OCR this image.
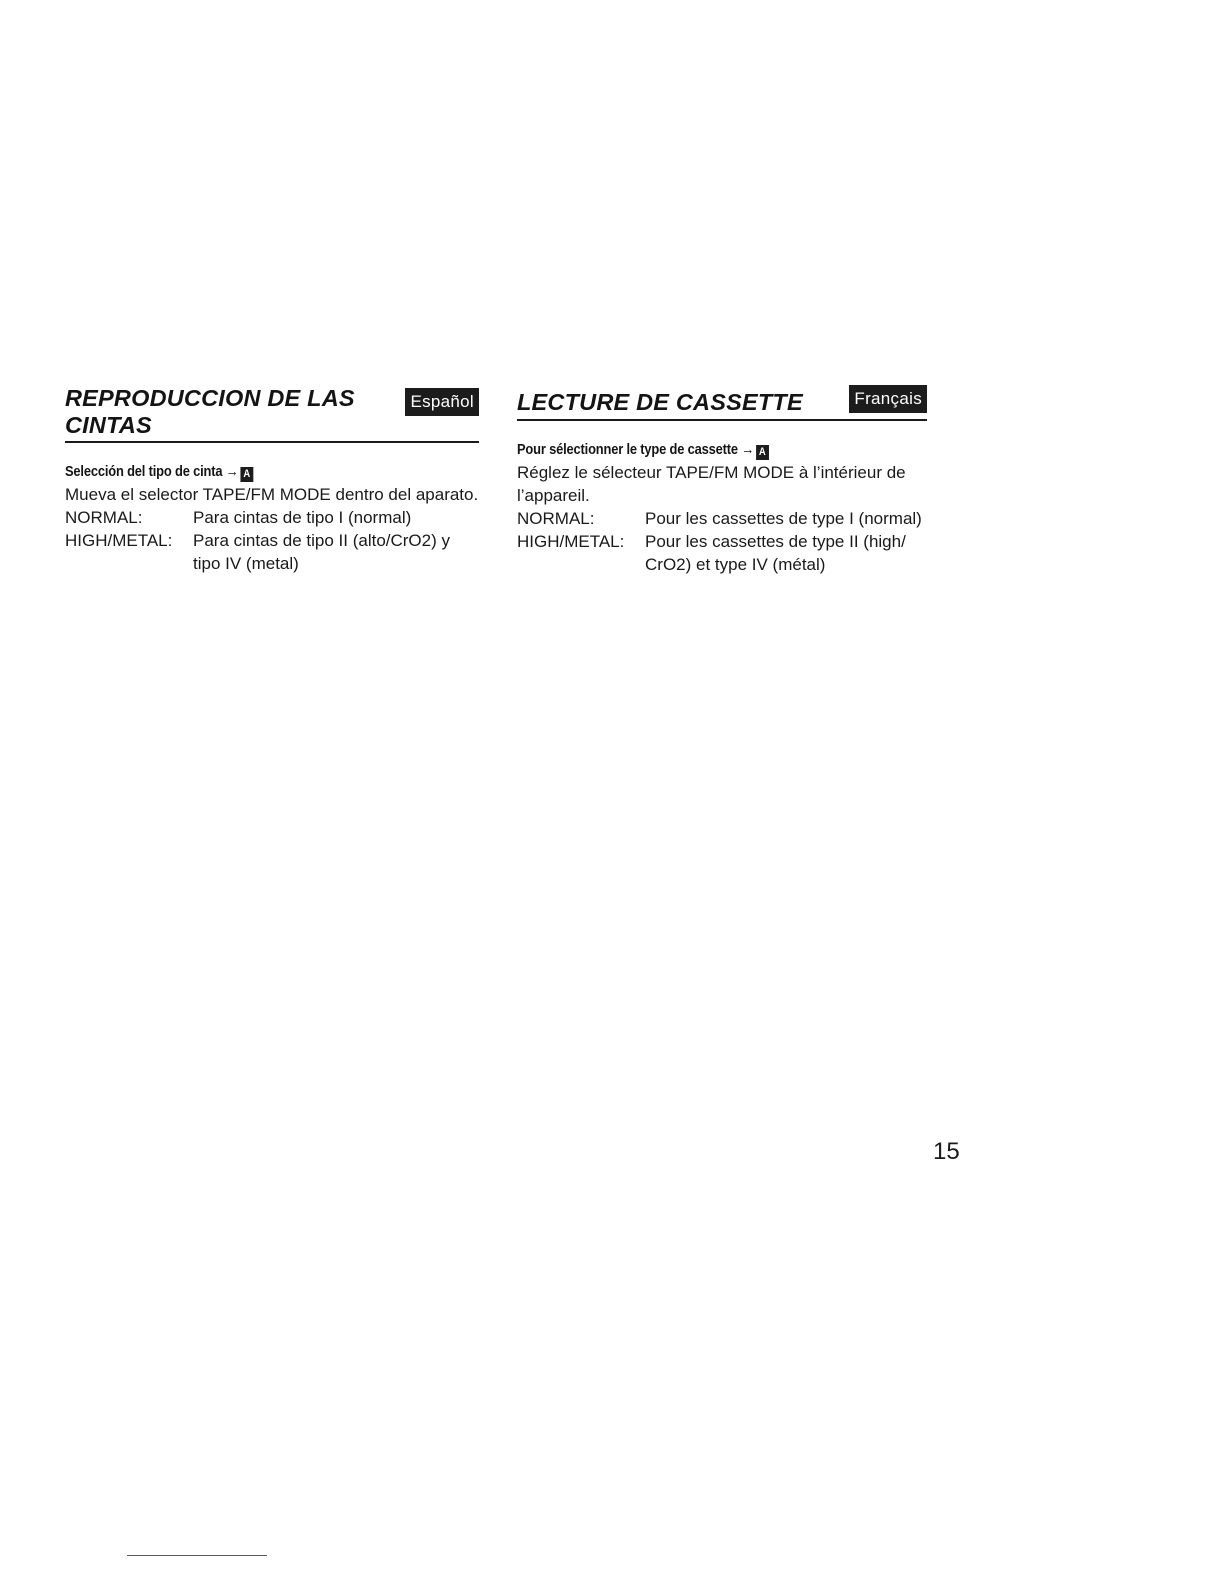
REPRODUCCION DE LAS CINTAS
Español
Selección del tipo de cinta → A

Mueva el selector TAPE/FM MODE dentro del aparato.

NORMAL:	Para cintas de tipo I (normal)
HIGH/METAL:	Para cintas de tipo II (alto/CrO2) y tipo IV (metal)
LECTURE DE CASSETTE	Français
Pour sélectionner le type de cassette → A

Réglez le sélecteur TAPE/FM MODE à l’intérieur de l’appareil.

NORMAL:	Pour les cassettes de type I (normal)
HIGH/METAL:	Pour les cassettes de type II (high/ CrO2) et type IV (métal)
15
